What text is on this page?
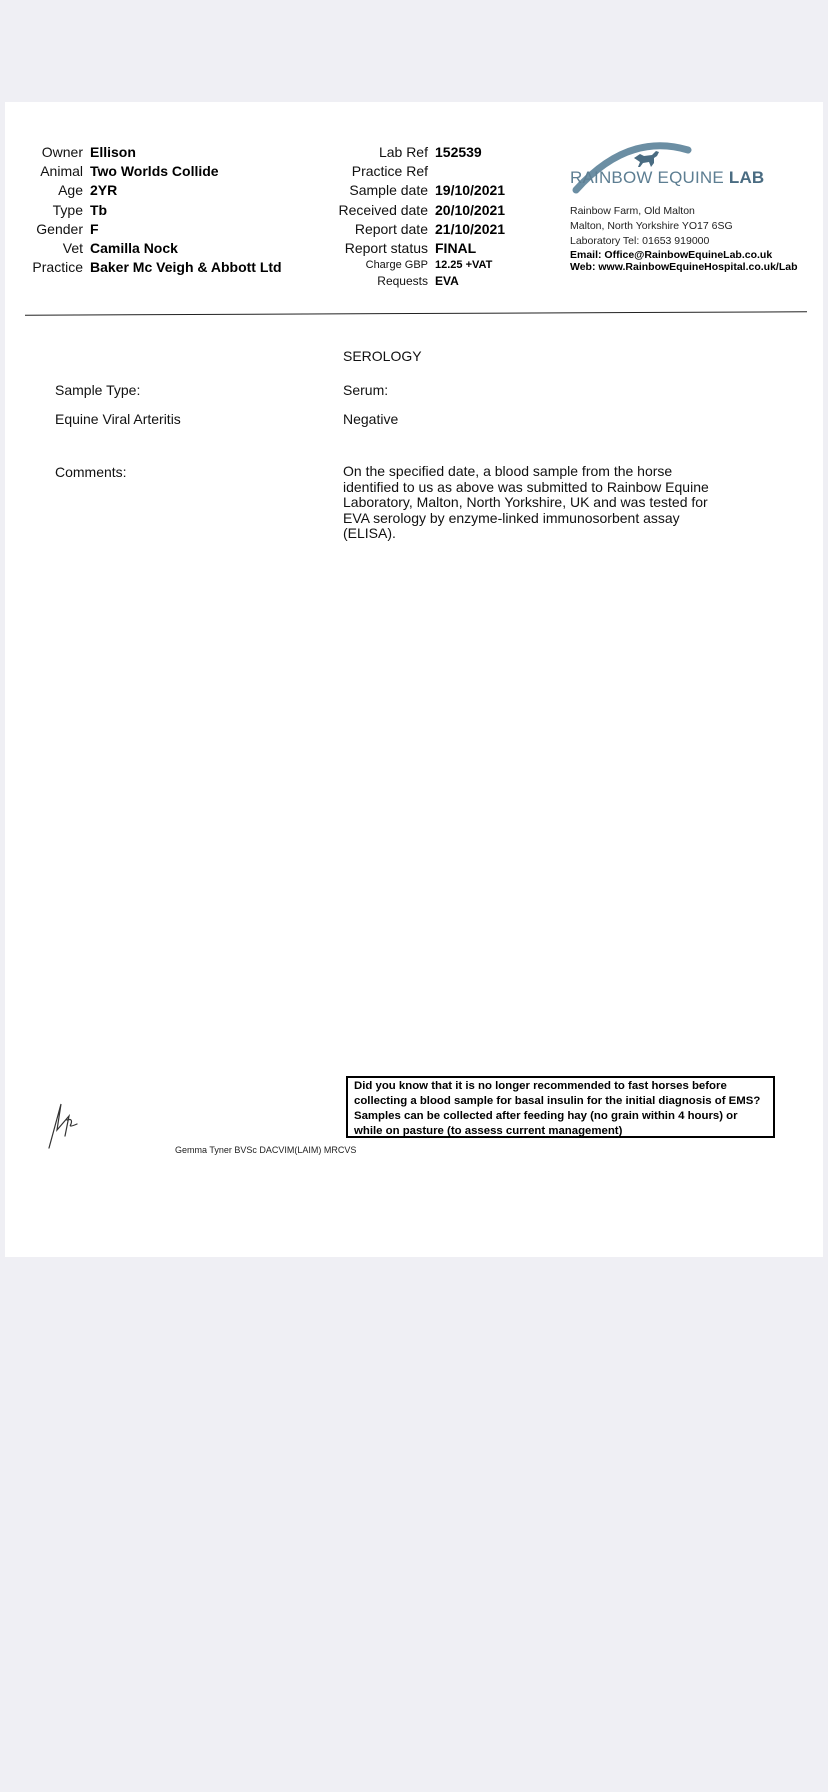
Owner Ellison
Animal Two Worlds Collide
Age 2YR
Type Tb
Gender F
Vet Camilla Nock
Practice Baker Mc Veigh & Abbott Ltd
Lab Ref 152539
Practice Ref
Sample date 19/10/2021
Received date 20/10/2021
Report date 21/10/2021
Report status FINAL
Charge GBP 12.25 +VAT
Requests EVA
RAINBOW EQUINE LAB
Rainbow Farm, Old Malton
Malton, North Yorkshire YO17 6SG
Laboratory Tel: 01653 919000
Email: Office@RainbowEquineLab.co.uk
Web: www.RainbowEquineHospital.co.uk/Lab
SEROLOGY
Sample Type:	Serum:
Equine Viral Arteritis	Negative
Comments:	On the specified date, a blood sample from the horse identified to us as above was submitted to Rainbow Equine Laboratory, Malton, North Yorkshire, UK and was tested for EVA serology by enzyme-linked immunosorbent assay (ELISA).
Gemma Tyner BVSc DACVIM(LAIM) MRCVS
Did you know that it is no longer recommended to fast horses before collecting a blood sample for basal insulin for the initial diagnosis of EMS? Samples can be collected after feeding hay (no grain within 4 hours) or while on pasture (to assess current management)
